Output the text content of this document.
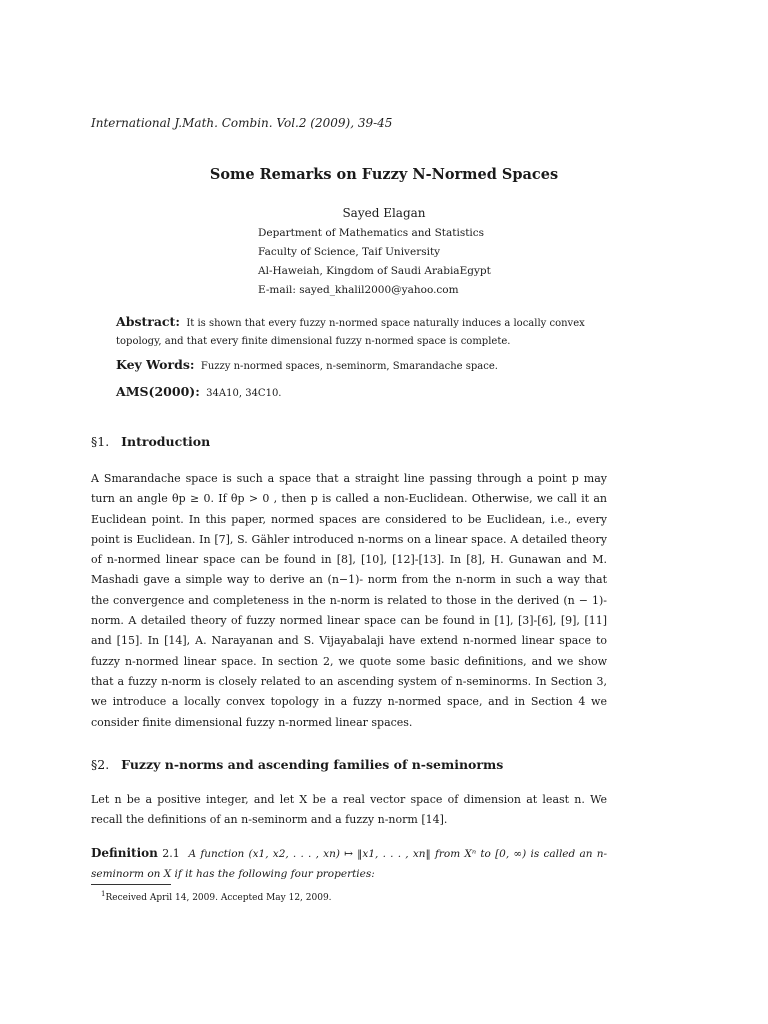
International J.Math. Combin. Vol.2 (2009), 39-45
Some Remarks on Fuzzy N-Normed Spaces
Sayed Elagan
Department of Mathematics and Statistics
Faculty of Science, Taif University
Al-Haweiah, Kingdom of Saudi ArabiaEgypt
E-mail: sayed_khalil2000@yahoo.com
Abstract: It is shown that every fuzzy n-normed space naturally induces a locally convex topology, and that every finite dimensional fuzzy n-normed space is complete.
Key Words: Fuzzy n-normed spaces, n-seminorm, Smarandache space.
AMS(2000): 34A10, 34C10.
§1. Introduction

A Smarandache space is such a space that a straight line passing through a point p may turn an angle θp ≥ 0. If θp > 0 , then p is called a non-Euclidean. Otherwise, we call it an Euclidean point. In this paper, normed spaces are considered to be Euclidean, i.e., every point is Euclidean. In [7], S. Gähler introduced n-norms on a linear space. A detailed theory of n-normed linear space can be found in [8], [10], [12]-[13]. In [8], H. Gunawan and M. Mashadi gave a simple way to derive an (n−1)- norm from the n-norm in such a way that the convergence and completeness in the n-norm is related to those in the derived (n − 1)-norm. A detailed theory of fuzzy normed linear space can be found in [1], [3]-[6], [9], [11] and [15]. In [14], A. Narayanan and S. Vijayabalaji have extend n-normed linear space to fuzzy n-normed linear space. In section 2, we quote some basic definitions, and we show that a fuzzy n-norm is closely related to an ascending system of n-seminorms. In Section 3, we introduce a locally convex topology in a fuzzy n-normed space, and in Section 4 we consider finite dimensional fuzzy n-normed linear spaces.

§2. Fuzzy n-norms and ascending families of n-seminorms

Let n be a positive integer, and let X be a real vector space of dimension at least n. We recall the definitions of an n-seminorm and a fuzzy n-norm [14].

Definition 2.1 A function (x1, x2, . . . , xn) ↦ ‖x1, . . . , xn‖ from Xⁿ to [0, ∞) is called an n-seminorm on X if it has the following four properties:
$^1$Received April 14, 2009. Accepted May 12, 2009.
